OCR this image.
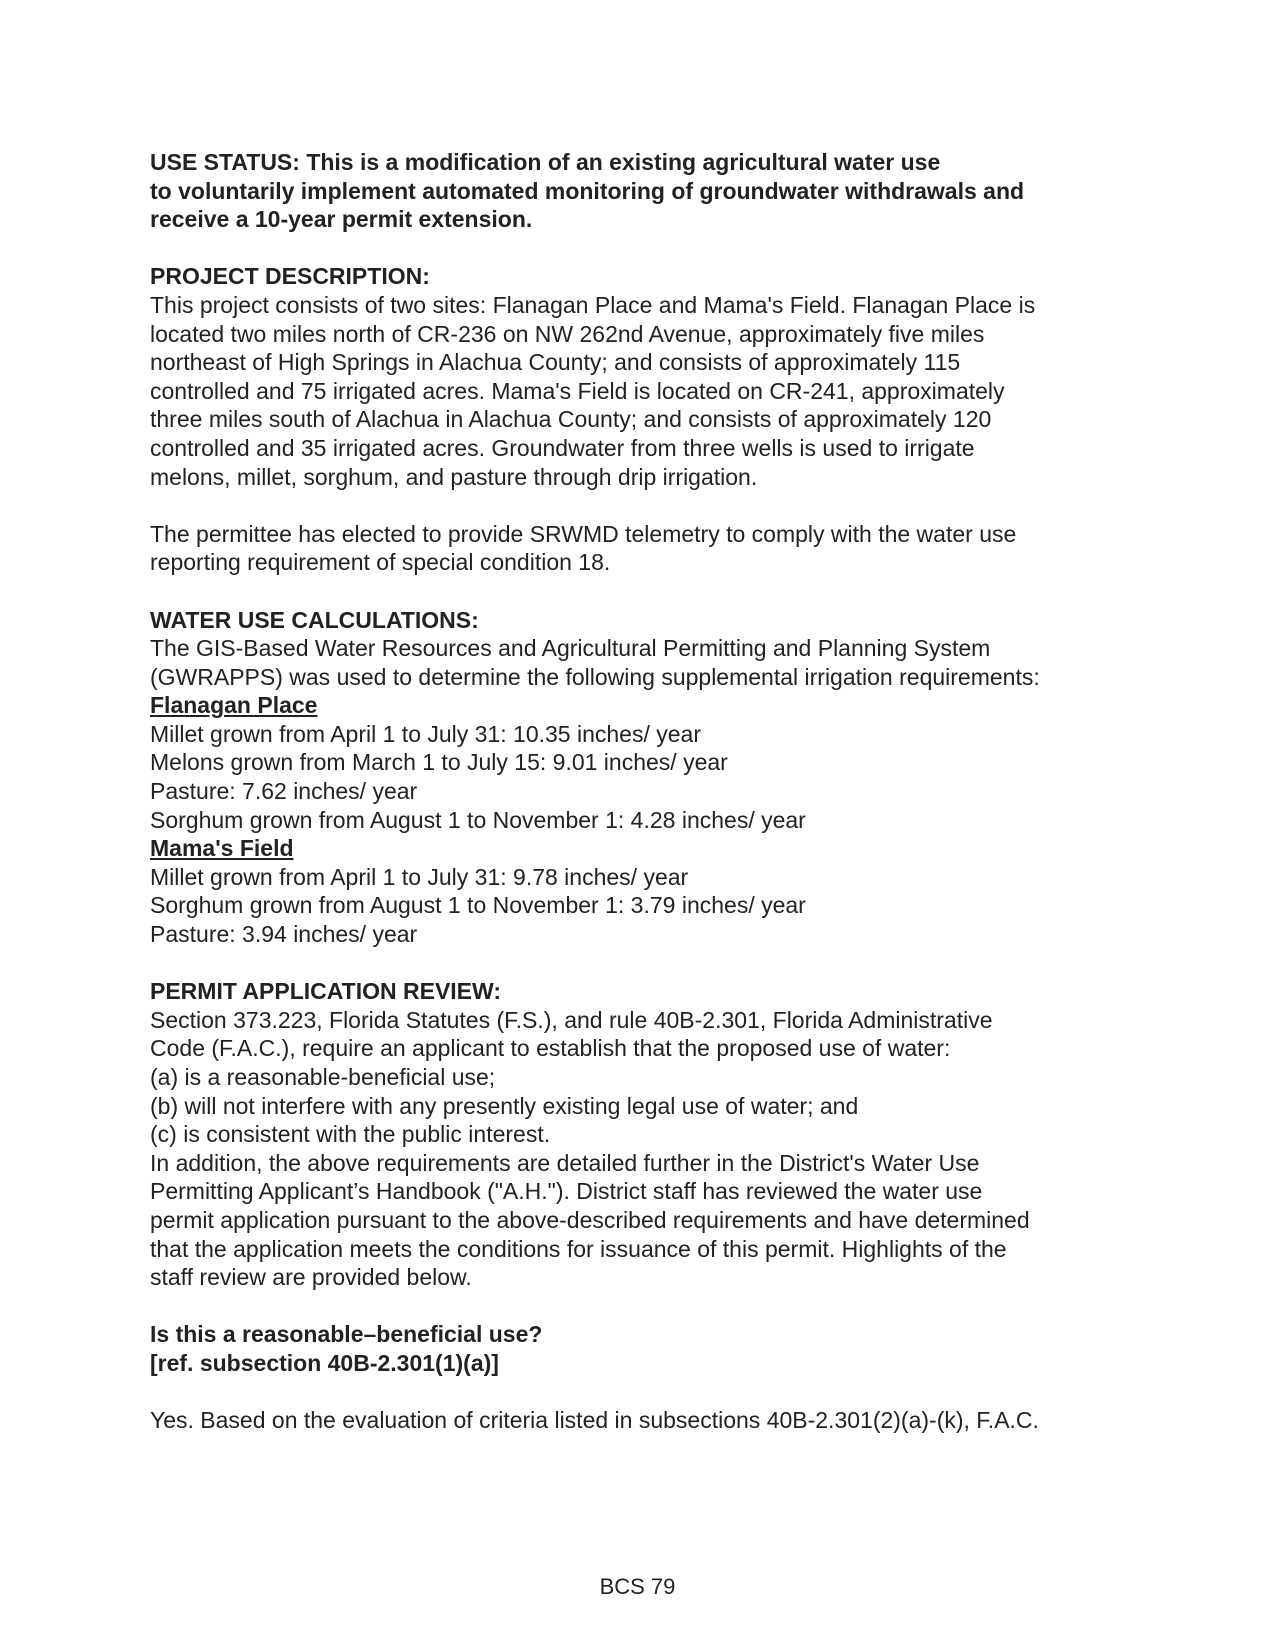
USE STATUS: This is a modification of an existing agricultural water use
to voluntarily implement automated monitoring of groundwater withdrawals and
receive a 10-year permit extension.
PROJECT DESCRIPTION:
This project consists of two sites: Flanagan Place and Mama's Field. Flanagan Place is
located two miles north of CR-236 on NW 262nd Avenue, approximately five miles
northeast of High Springs in Alachua County; and consists of approximately 115
controlled and 75 irrigated acres. Mama's Field is located on CR-241, approximately
three miles south of Alachua in Alachua County; and consists of approximately 120
controlled and 35 irrigated acres. Groundwater from three wells is used to irrigate
melons, millet, sorghum, and pasture through drip irrigation.
The permittee has elected to provide SRWMD telemetry to comply with the water use
reporting requirement of special condition 18.
WATER USE CALCULATIONS:
The GIS-Based Water Resources and Agricultural Permitting and Planning System
(GWRAPPS) was used to determine the following supplemental irrigation requirements:
Flanagan Place
Millet grown from April 1 to July 31: 10.35 inches/ year
Melons grown from March 1 to July 15: 9.01 inches/ year
Pasture: 7.62 inches/ year
Sorghum grown from August 1 to November 1: 4.28 inches/ year
Mama's Field
Millet grown from April 1 to July 31: 9.78 inches/ year
Sorghum grown from August 1 to November 1: 3.79 inches/ year
Pasture: 3.94 inches/ year
PERMIT APPLICATION REVIEW:
Section 373.223, Florida Statutes (F.S.), and rule 40B-2.301, Florida Administrative
Code (F.A.C.), require an applicant to establish that the proposed use of water:
(a) is a reasonable-beneficial use;
(b) will not interfere with any presently existing legal use of water; and
(c) is consistent with the public interest.
In addition, the above requirements are detailed further in the District's Water Use
Permitting Applicant’s Handbook ("A.H."). District staff has reviewed the water use
permit application pursuant to the above-described requirements and have determined
that the application meets the conditions for issuance of this permit. Highlights of the
staff review are provided below.
Is this a reasonable–beneficial use?
[ref. subsection 40B-2.301(1)(a)]
Yes. Based on the evaluation of criteria listed in subsections 40B-2.301(2)(a)-(k), F.A.C.
BCS 79
